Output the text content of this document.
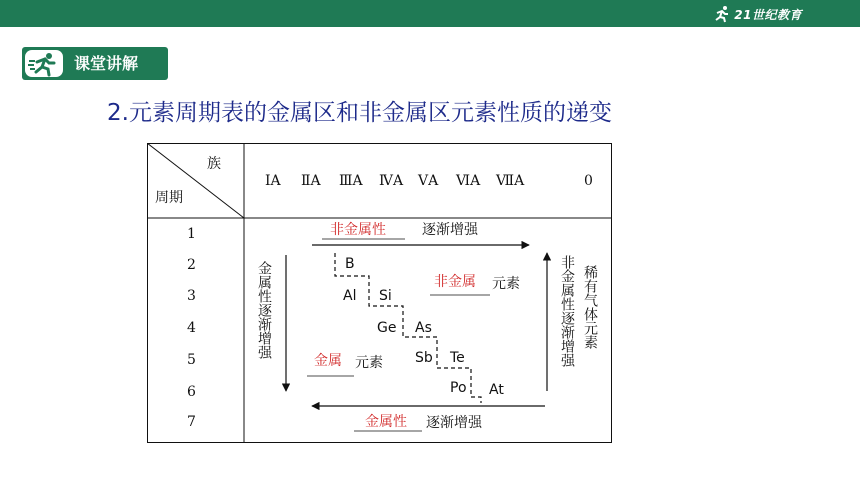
21世纪教育
课堂讲解
2.元素周期表的金属区和非金属区元素性质的递变
族
周期
ⅠA ⅡA ⅢA ⅣA ⅤA ⅥA ⅦA	0
1
2
3
4
5
6
7
非金属性	逐渐增强
金属性 逐渐增强
金属性逐渐增强	非金属性逐渐增强 稀有气体元素
非金属 元素
金属 元素
B
Al Si
Ge As
Sb Te
Po At
